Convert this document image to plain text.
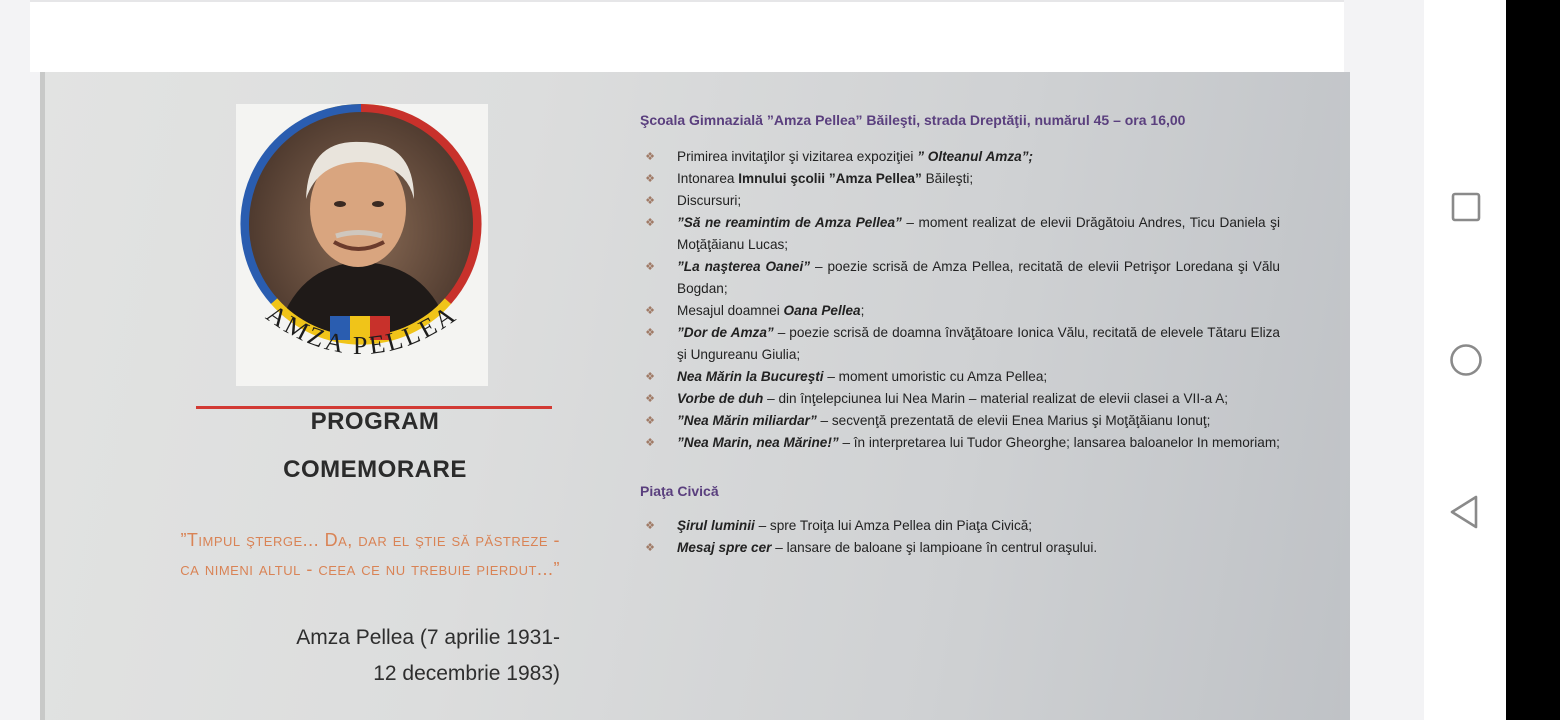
AMZA PELLEA
PROGRAM
COMEMORARE
”Timpul şterge... Da, dar el ştie să păstreze - ca nimeni altul - ceea ce nu trebuie pierdut...”
Amza Pellea (7 aprilie 1931-
12 decembrie 1983)
Şcoala Gimnazială ”Amza Pellea” Băileşti, strada Dreptăţii, numărul 45 – ora 16,00
❖	Primirea invitaţilor şi vizitarea expoziţiei ” Olteanul Amza”;
❖	Intonarea Imnului şcolii ”Amza Pellea” Băileşti;
❖	Discursuri;
❖	”Să ne reamintim de Amza Pellea” – moment realizat de elevii Drăgătoiu Andres, Ticu Daniela şi Moţăţăianu Lucas;
❖	”La naşterea Oanei” – poezie scrisă de Amza Pellea, recitată de elevii Petrişor Loredana şi Vălu Bogdan;
❖	Mesajul doamnei Oana Pellea;
❖	”Dor de Amza” – poezie scrisă de doamna învăţătoare Ionica Vălu, recitată de elevele Tătaru Eliza şi Ungureanu Giulia;
❖	Nea Mărin la Bucureşti – moment umoristic cu Amza Pellea;
❖	Vorbe de duh – din înţelepciunea lui Nea Marin – material realizat de elevii clasei a VII-a A;
❖	”Nea Mărin miliardar” – secvenţă prezentată de elevii Enea Marius şi Moţăţăianu Ionuţ;
❖	”Nea Marin, nea Mărine!” – în interpretarea lui Tudor Gheorghe; lansarea baloanelor In memoriam;
Piaţa Civică
❖	Şirul luminii – spre Troiţa lui Amza Pellea din Piaţa Civică;
❖	Mesaj spre cer – lansare de baloane şi lampioane în centrul oraşului.
